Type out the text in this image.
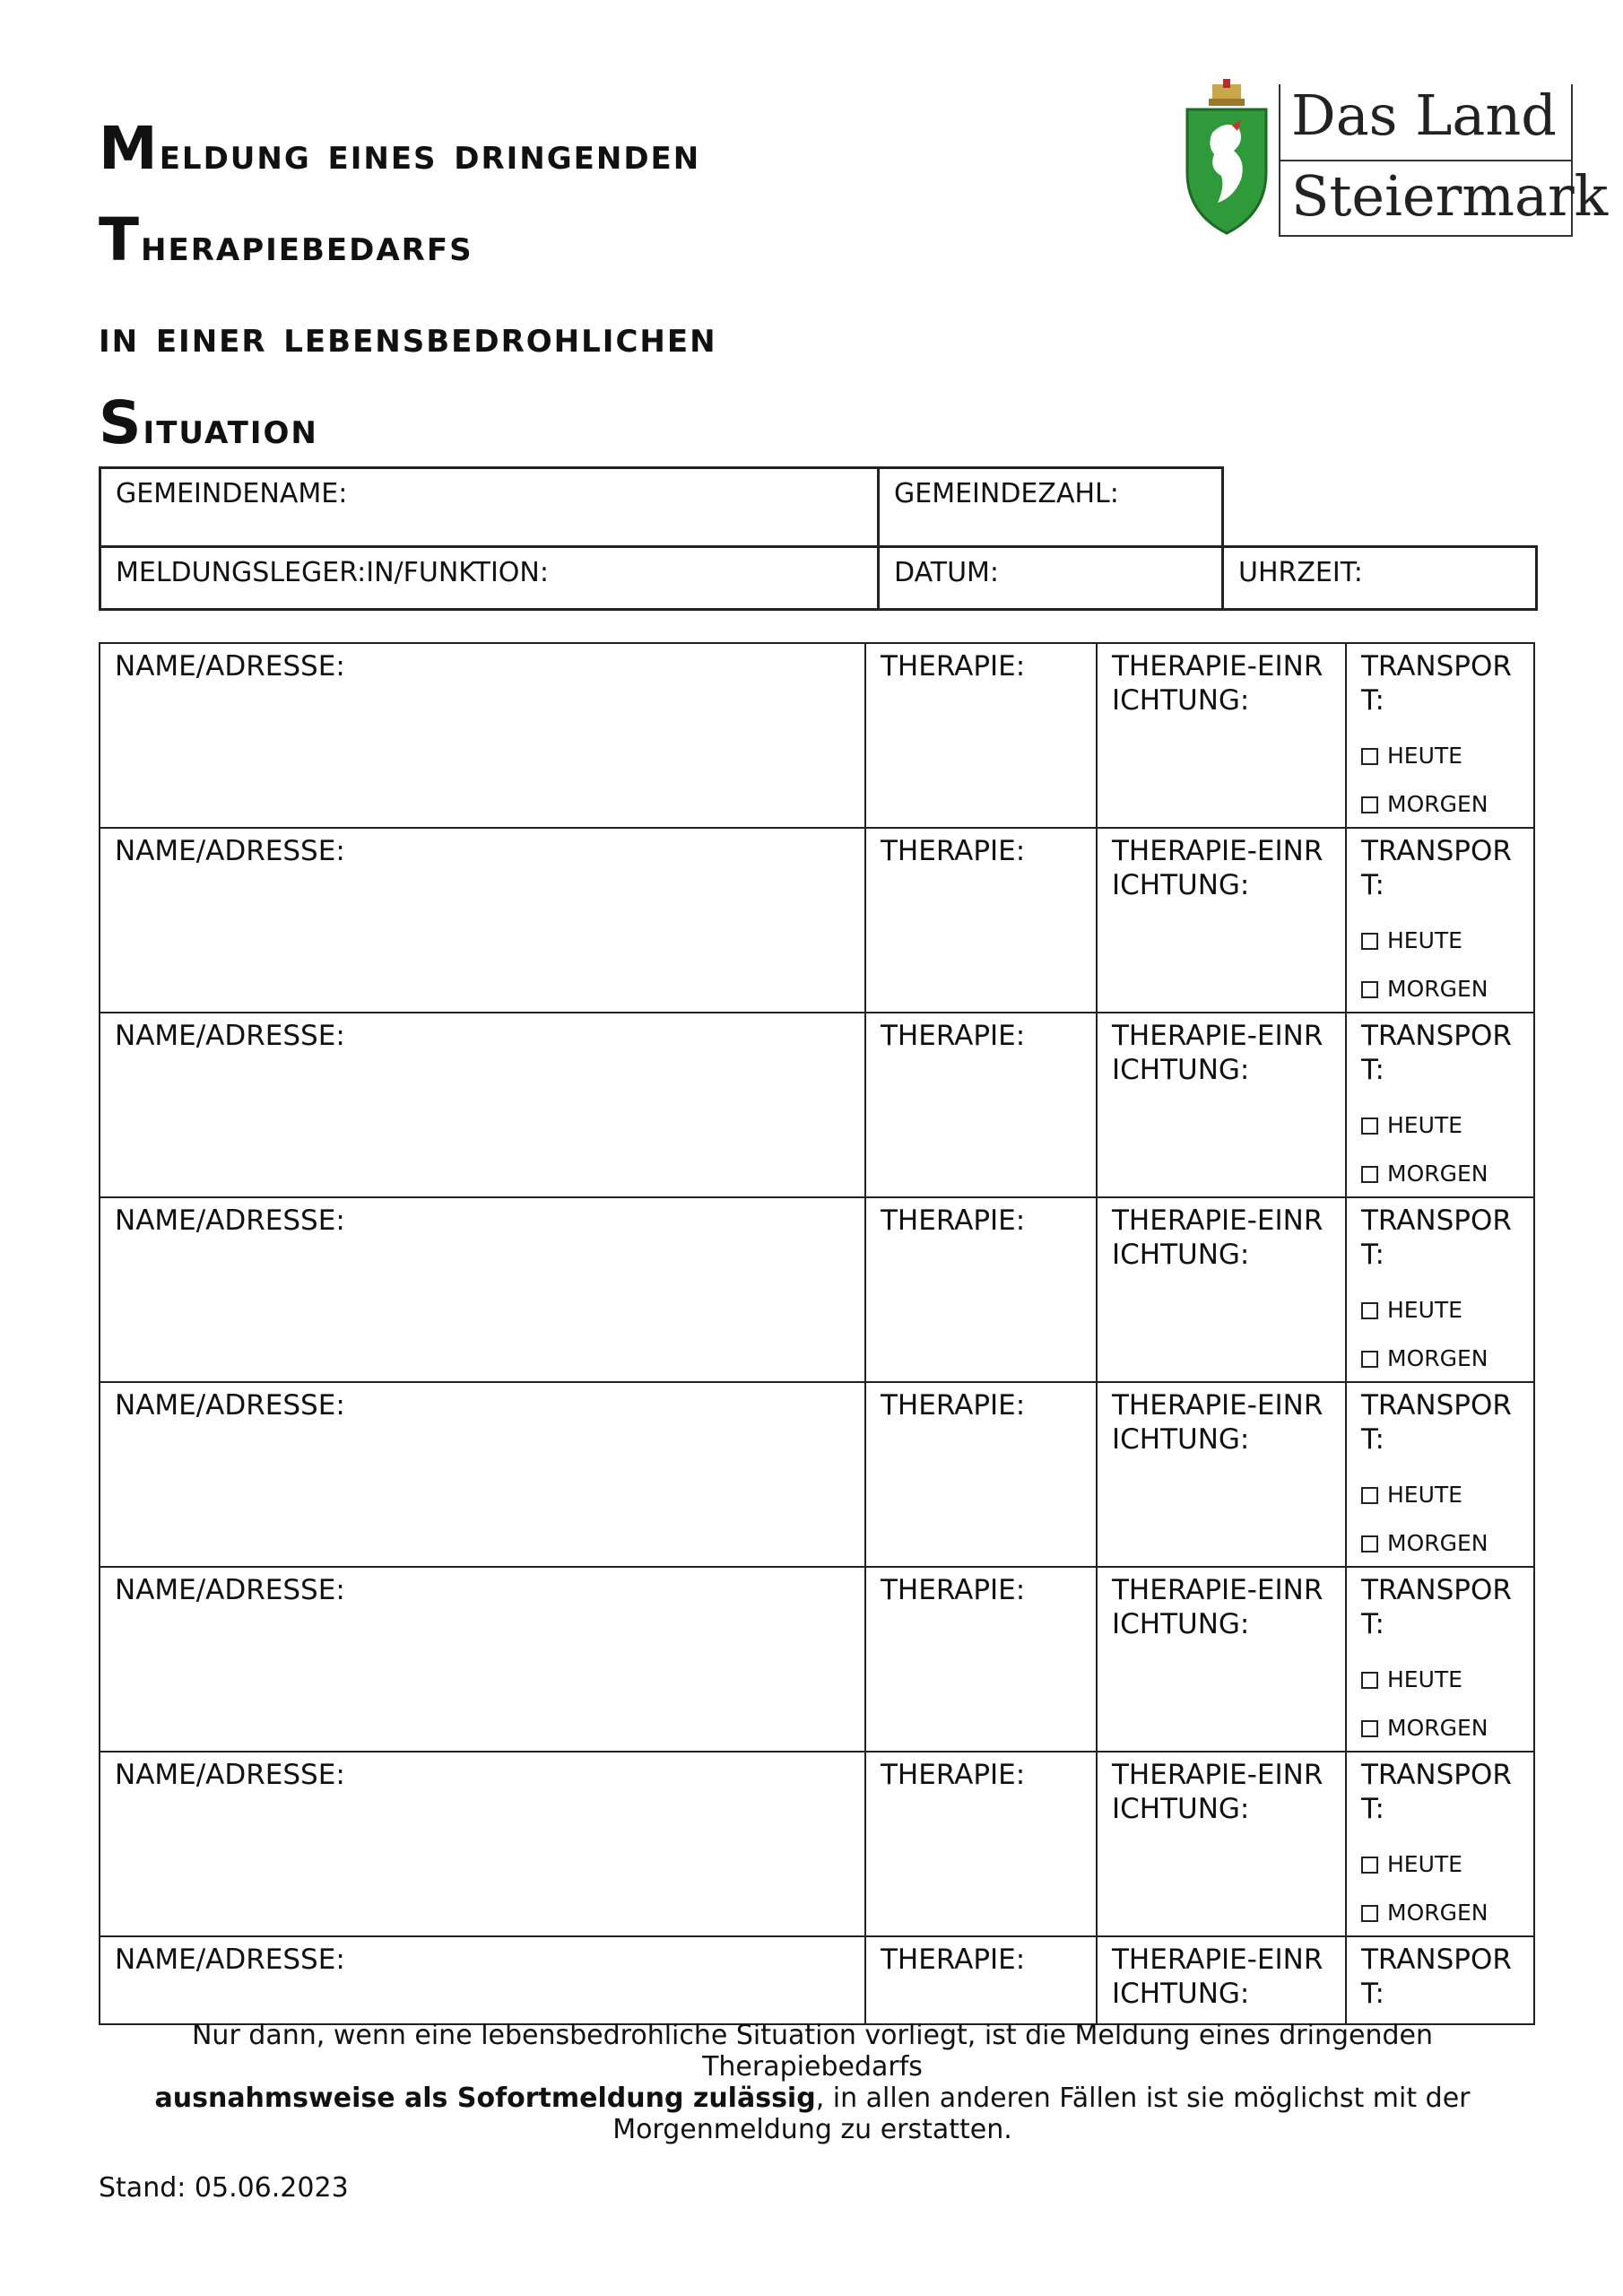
Meldung eines dringenden
Therapiebedarfs
in einer lebensbedrohlichen
Situation
Das Land
Steiermark
GEMEINDENAME:	GEMEINDEZAHL:	
MELDUNGSLEGER:IN/FUNKTION:	DATUM:	UHRZEIT:
NAME/ADRESSE:	THERAPIE:	THERAPIE-EINRICHTUNG:	TRANSPORT:
HEUTE
MORGEN

NAME/ADRESSE:	THERAPIE:	THERAPIE-EINRICHTUNG:	TRANSPORT:
HEUTE
MORGEN

NAME/ADRESSE:	THERAPIE:	THERAPIE-EINRICHTUNG:	TRANSPORT:
HEUTE
MORGEN

NAME/ADRESSE:	THERAPIE:	THERAPIE-EINRICHTUNG:	TRANSPORT:
HEUTE
MORGEN

NAME/ADRESSE:	THERAPIE:	THERAPIE-EINRICHTUNG:	TRANSPORT:
HEUTE
MORGEN

NAME/ADRESSE:	THERAPIE:	THERAPIE-EINRICHTUNG:	TRANSPORT:
HEUTE
MORGEN

NAME/ADRESSE:	THERAPIE:	THERAPIE-EINRICHTUNG:	TRANSPORT:
HEUTE
MORGEN

NAME/ADRESSE:	THERAPIE:	THERAPIE-EINRICHTUNG:	TRANSPORT:
Nur dann, wenn eine lebensbedrohliche Situation vorliegt, ist die Meldung eines dringenden Therapiebedarfs
ausnahmsweise als Sofortmeldung zulässig, in allen anderen Fällen ist sie möglichst mit der Morgenmeldung zu erstatten.
Stand: 05.06.2023
